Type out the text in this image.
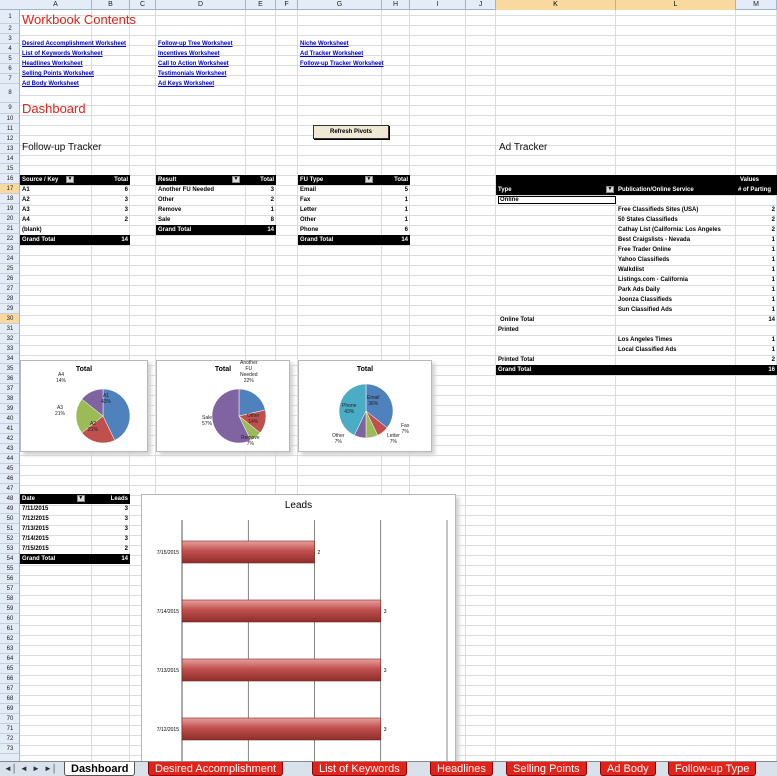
A	B	C	D	E	F	G	H	I	J	K	L	M
1
2
3
4
5
6
7
8
9
10
11
12
13
14
15
16
17
18
19
20
21
22
23
24
25
26
27
28
29
30
31
32
33
34
35
36
37
38
39
40
41
42
43
44
45
46
47
48
49
50
51
52
53
54
55
56
57
58
59
60
61
62
63
64
65
66
67
68
69
70
71
72
73
Workbook Contents
Desired Accomplishment Worksheet
List of Keywords Worksheet
Headlines Worksheet
Selling Points Worksheet
Ad Body Worksheet
Follow-up Tree Worksheet
Incentives Worksheet
Call to Action Worksheet
Testimonials Worksheet
Ad Keys Worksheet
Niche Worksheet
Ad Tracker Worksheet
Follow-up Tracker Worksheet
Dashboard
Refresh Pivots
Follow-up Tracker	Ad Tracker
Source / Key ▼	Total
A1	6
A2	3
A3	3
A4	2
(blank)
Grand Total	14
Result	▼	Total
Another FU Needed	3
Other	2
Remove	1
Sale	8
Grand Total	14
FU Type	▼	Total
Email	5
Fax	1
Letter	1
Other	1
Phone	6
Grand Total	14
Date	▼	Leads
7/11/2015	3
7/12/2015	3
7/13/2015	3
7/14/2015	3
7/15/2015	2
Grand Total	14
Values
Type	▼ Publication/Online Service	# of Parting
Online
Free Classifieds Sites (USA)	2
50 States Classifieds	2
Cathay List (California: Los Angeles	2
Best Craigslists - Nevada	1
Free Trader Online	1
Yahoo Classifieds	1
Walkdlist	1
Listings.com - California	1
Park Ads Daily	1
Joonza Classifieds	1
Sun Classified Ads	1
Online Total	14
Printed
Los Angeles Times	1
Local Classified Ads	1
Printed Total	2
Grand Total	16
Total
A1
43%
A2
21%
A3
21%
A4
14%
Total
Another
FU
Needed
22%
Other
14%
Remove
7%
Sale
57%
Total
Email
36%
Fax
7%
Letter
7%
Other
7%
Phone
43%
Leads
7/15/2015	2
7/14/2015	3
7/13/2015	3
7/12/2015	3
◄│ ◄ ► ►│	Dashboard	Desired Accomplishment	List of Keywords	Headlines	Selling Points	Ad Body	Follow-up Type
